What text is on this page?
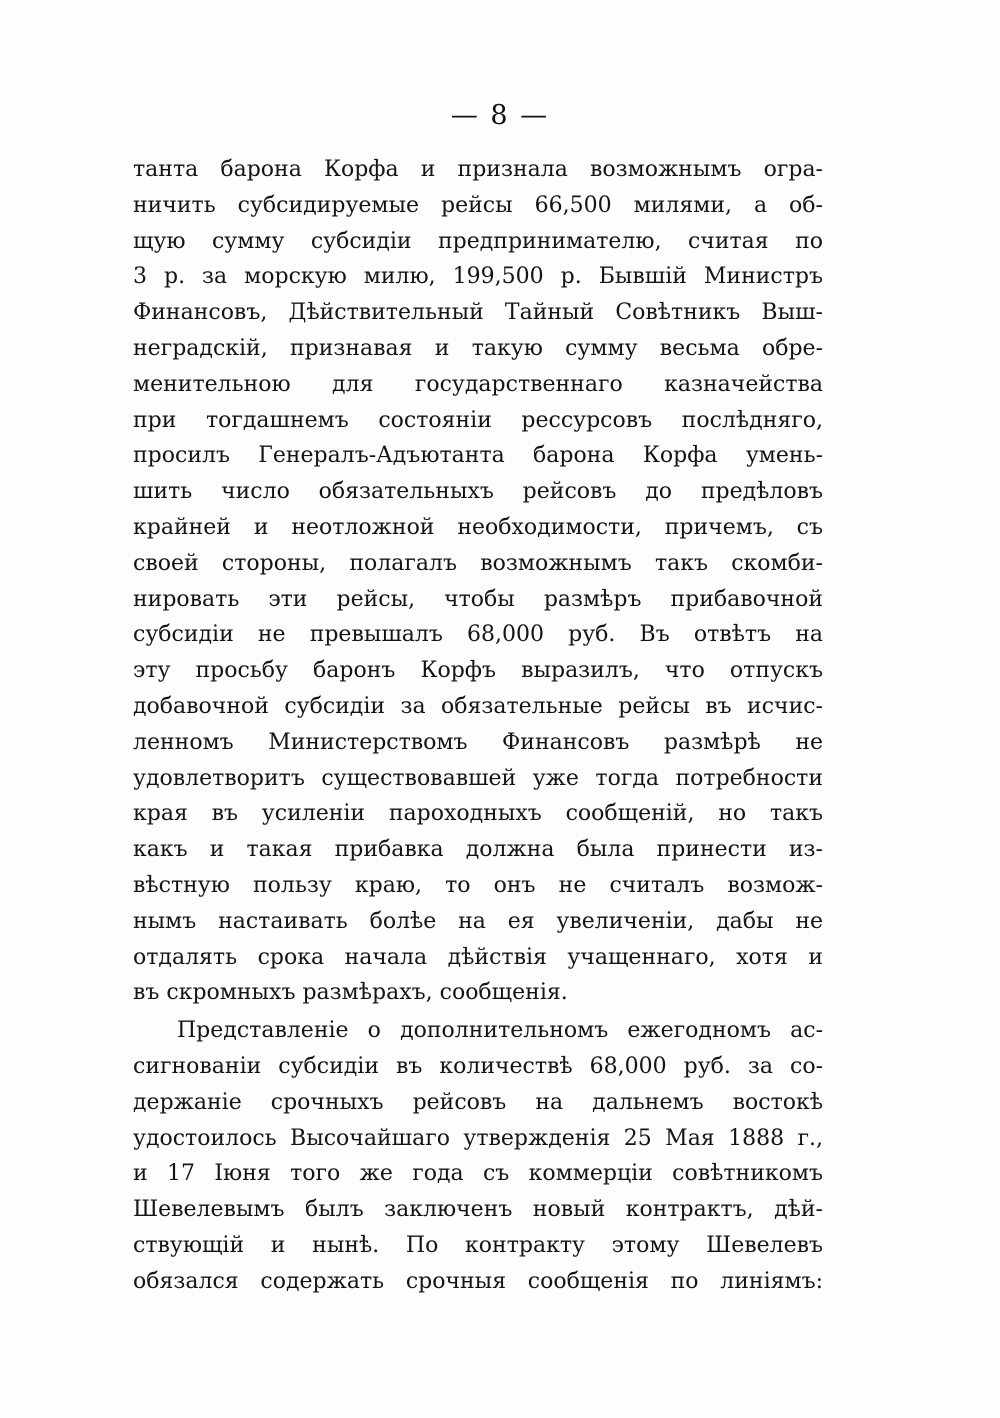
— 8 —
танта барона Корфа и признала возможнымъ огра-
ничить субсидируемые рейсы 66,500 милями, а об-
щую сумму субсидіи предпринимателю, считая по
3 р. за морскую милю, 199,500 р. Бывшій Министръ
Финансовъ, Дѣйствительный Тайный Совѣтникъ Выш-
неградскій, признавая и такую сумму весьма обре-
менительною для государственнаго казначейства
при тогдашнемъ состояніи рессурсовъ послѣдняго,
просилъ Генералъ-Адъютанта барона Корфа умень-
шить число обязательныхъ рейсовъ до предѣловъ
крайней и неотложной необходимости, причемъ, съ
своей стороны, полагалъ возможнымъ такъ скомби-
нировать эти рейсы, чтобы размѣръ прибавочной
субсидіи не превышалъ 68,000 руб. Въ отвѣтъ на
эту просьбу баронъ Корфъ выразилъ, что отпускъ
добавочной субсидіи за обязательные рейсы въ исчис-
ленномъ Министерствомъ Финансовъ размѣрѣ не
удовлетворитъ существовавшей уже тогда потребности
края въ усиленіи пароходныхъ сообщеній, но такъ
какъ и такая прибавка должна была принести из-
вѣстную пользу краю, то онъ не считалъ возмож-
нымъ настаивать болѣе на ея увеличеніи, дабы не
отдалять срока начала дѣйствія учащеннаго, хотя и
въ скромныхъ размѣрахъ, сообщенія.
Представленіе о дополнительномъ ежегодномъ ас-
сигнованіи субсидіи въ количествѣ 68,000 руб. за со-
держаніе срочныхъ рейсовъ на дальнемъ востокѣ
удостоилось Высочайшаго утвержденія 25 Мая 1888 г.,
и 17 Іюня того же года съ коммерціи совѣтникомъ
Шевелевымъ былъ заключенъ новый контрактъ, дѣй-
ствующій и нынѣ. По контракту этому Шевелевъ
обязался содержать срочныя сообщенія по линіямъ:
